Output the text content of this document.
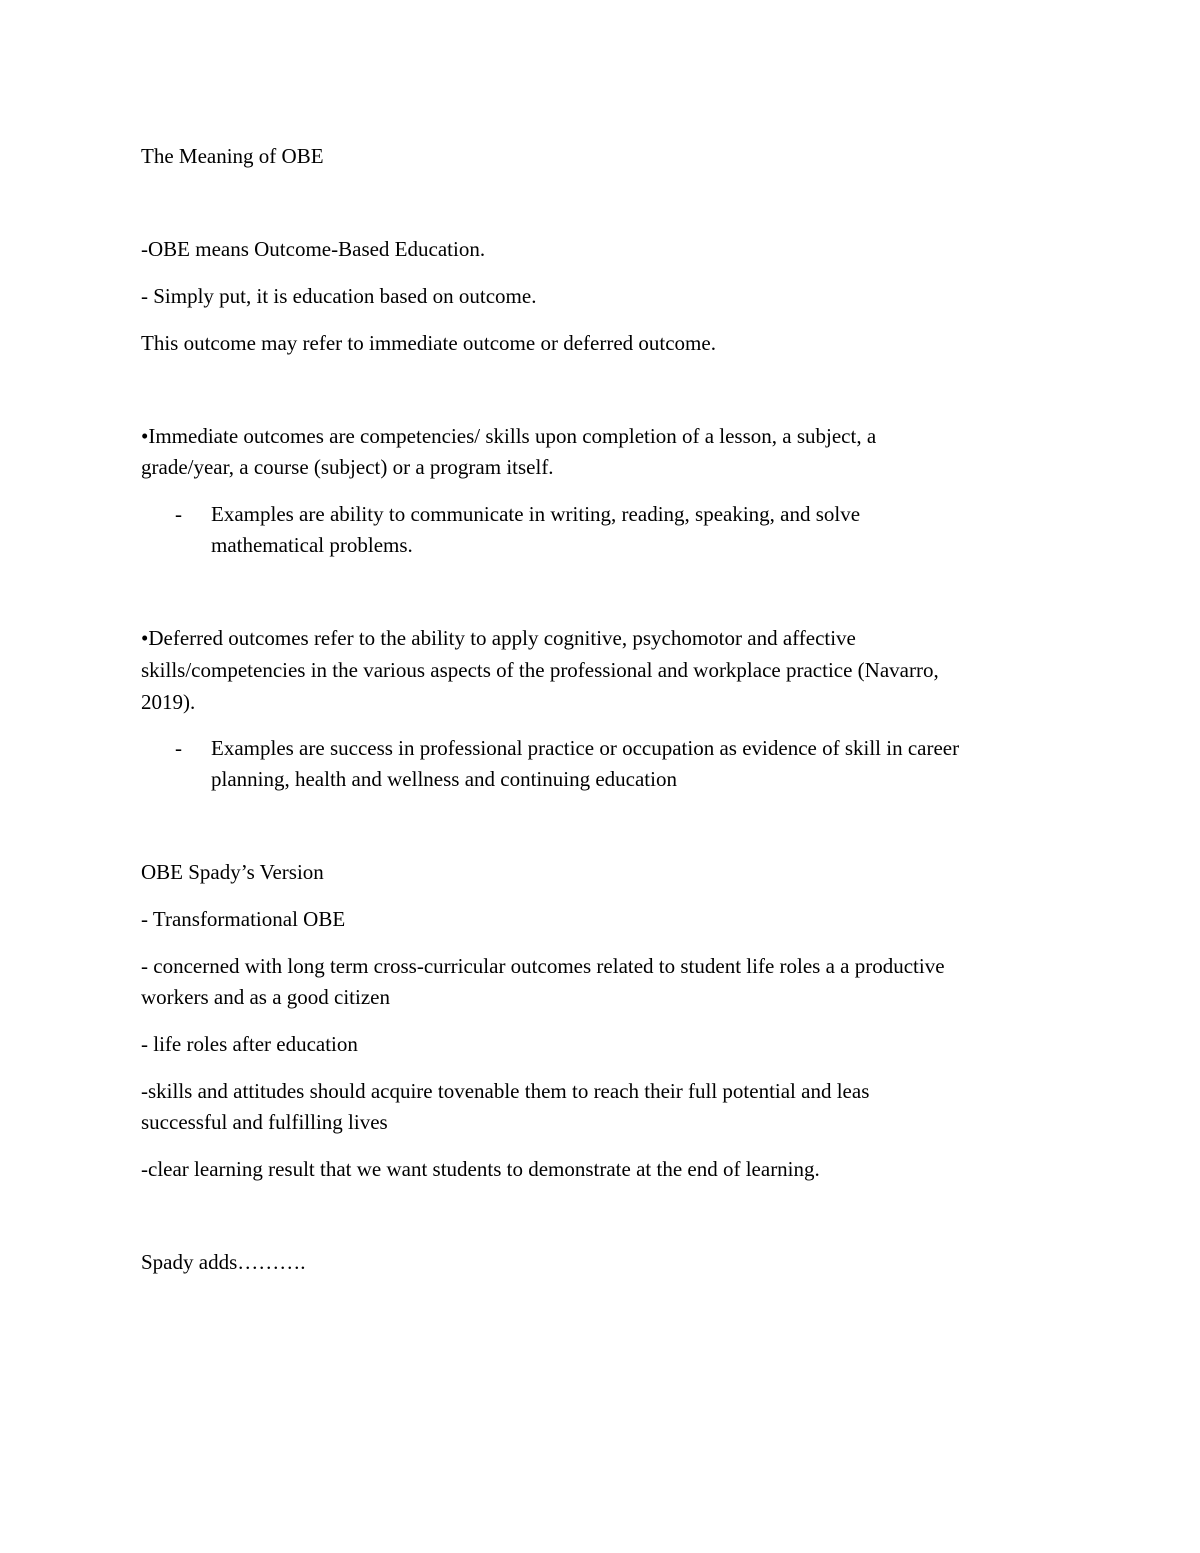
The Meaning of OBE
-OBE means Outcome-Based Education.
- Simply put, it is education based on outcome.
This outcome may refer to immediate outcome or deferred outcome.
•Immediate outcomes are competencies/ skills upon completion of a lesson, a subject, a
grade/year, a course (subject) or a program itself.
- Examples are ability to communicate in writing, reading, speaking, and solve
mathematical problems.
•Deferred outcomes refer to the ability to apply cognitive, psychomotor and affective
skills/competencies in the various aspects of the professional and workplace practice (Navarro,
2019).
- Examples are success in professional practice or occupation as evidence of skill in career
planning, health and wellness and continuing education
OBE Spady’s Version
- Transformational OBE
- concerned with long term cross-curricular outcomes related to student life roles a a productive
workers and as a good citizen
- life roles after education
-skills and attitudes should acquire tovenable them to reach their full potential and leas
successful and fulfilling lives
-clear learning result that we want students to demonstrate at the end of learning.
Spady adds……….
